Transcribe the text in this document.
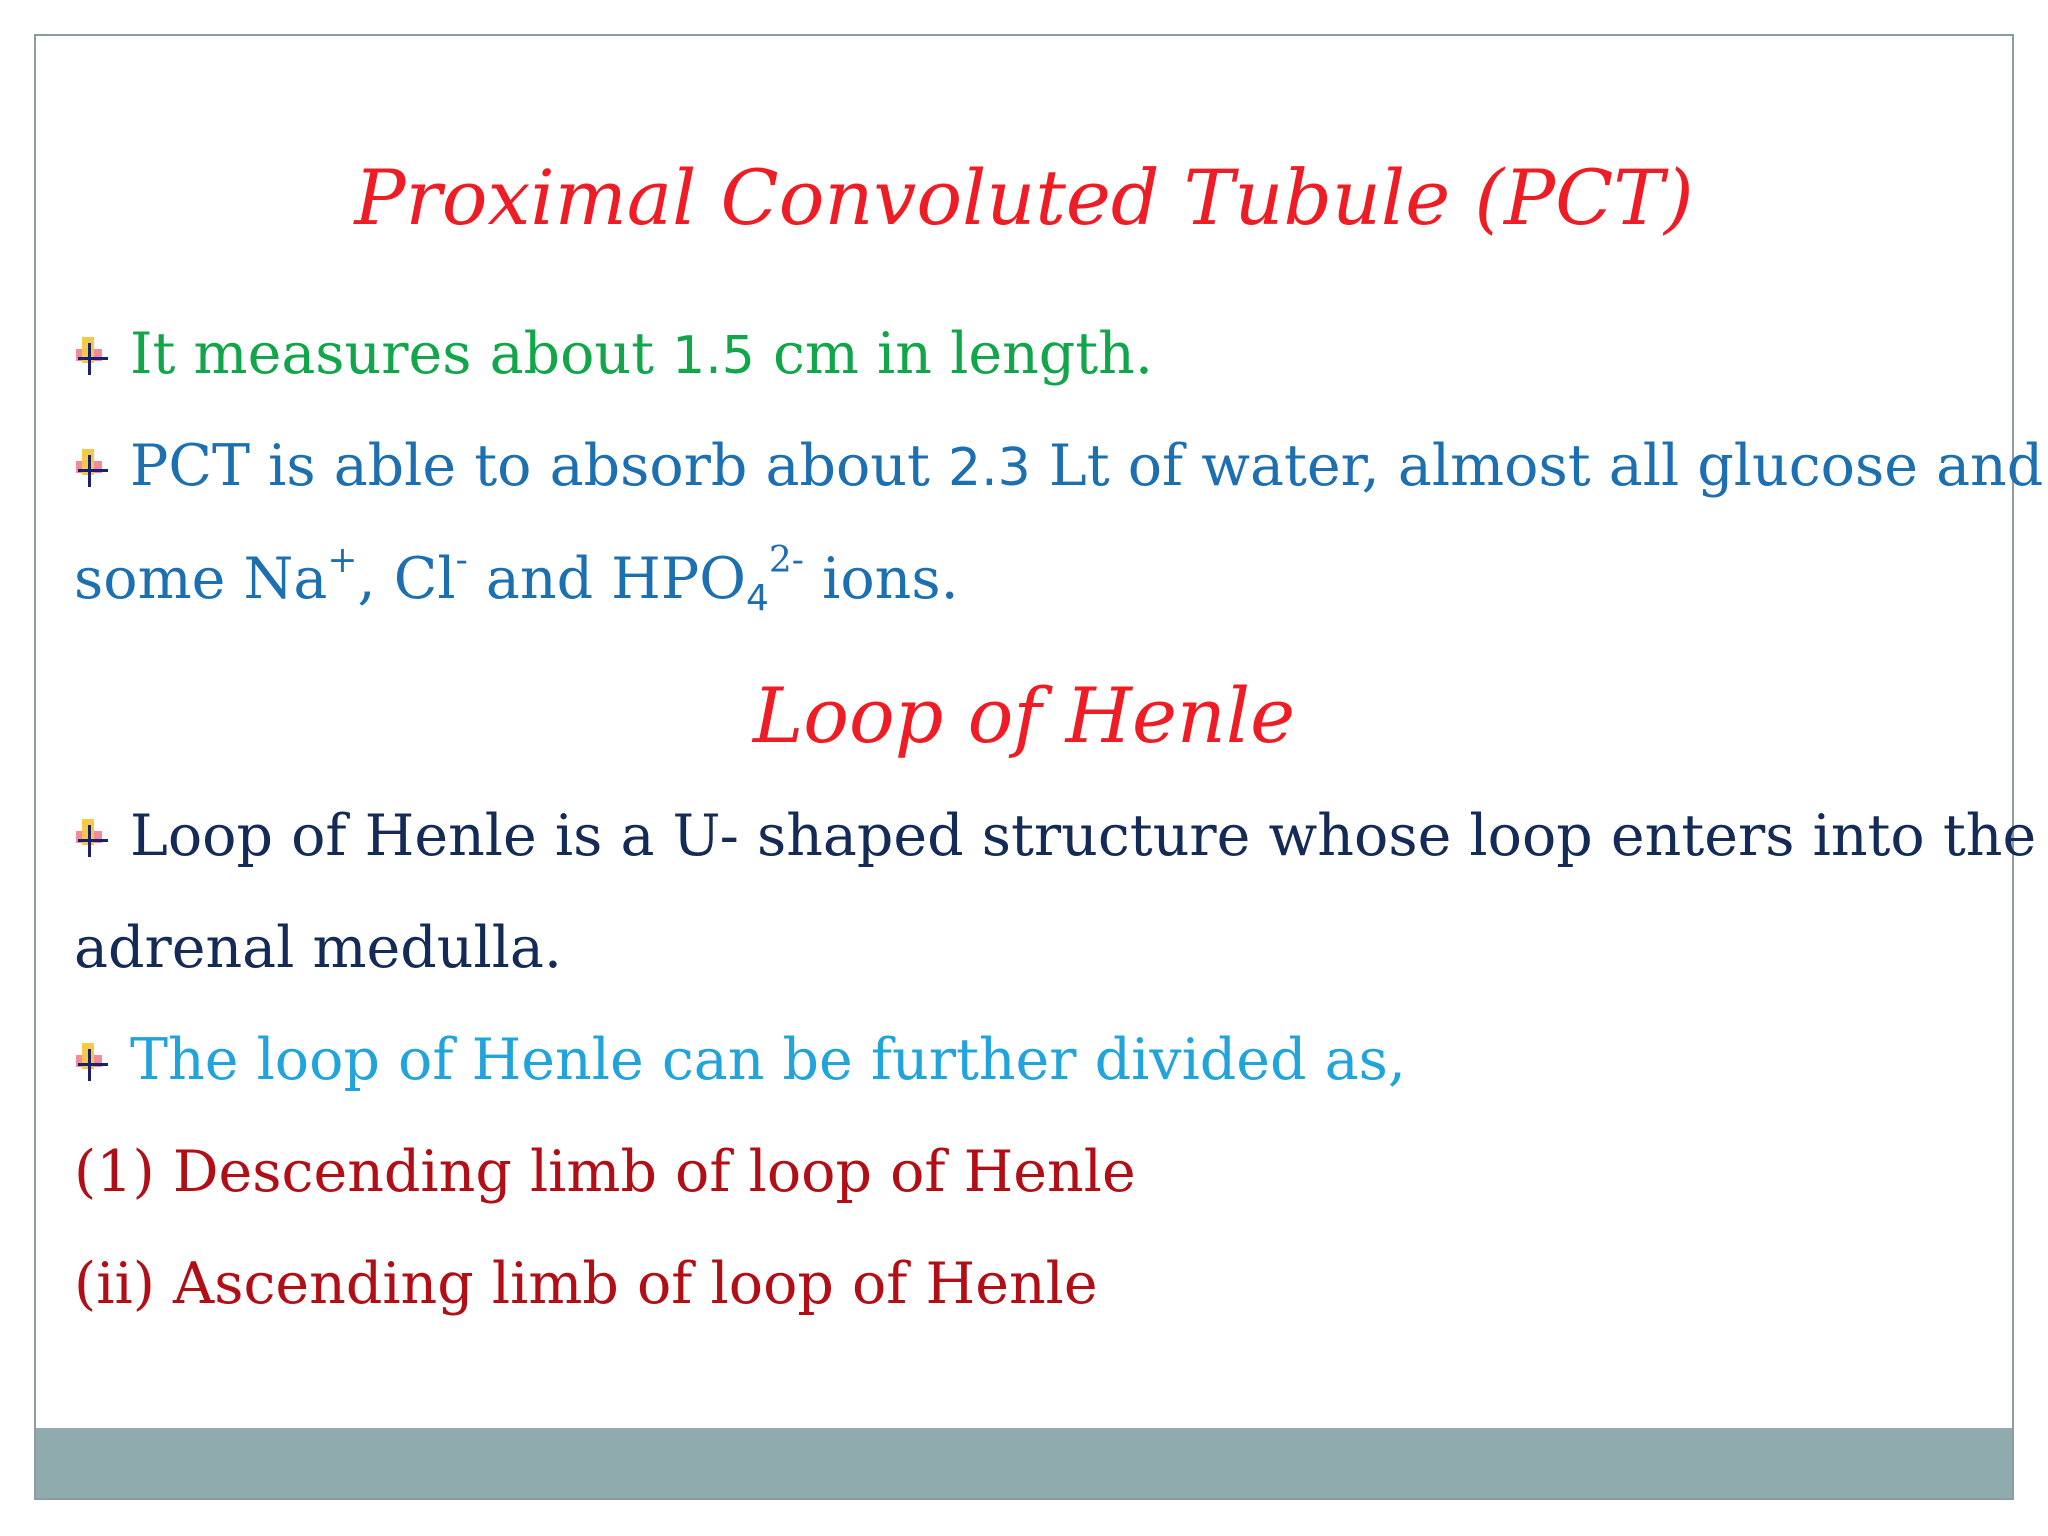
Proximal Convoluted Tubule (PCT)

It measures about 1.5 cm in length.

PCT is able to absorb about 2.3 Lt of water, almost all glucose and

some Na+, Cl- and $HPO_4^{2-}$ ions.

Loop of Henle

Loop of Henle is a U- shaped structure whose loop enters into the

adrenal medulla.

The loop of Henle can be further divided as,

(1) Descending limb of loop of Henle

(ii) Ascending limb of loop of Henle
